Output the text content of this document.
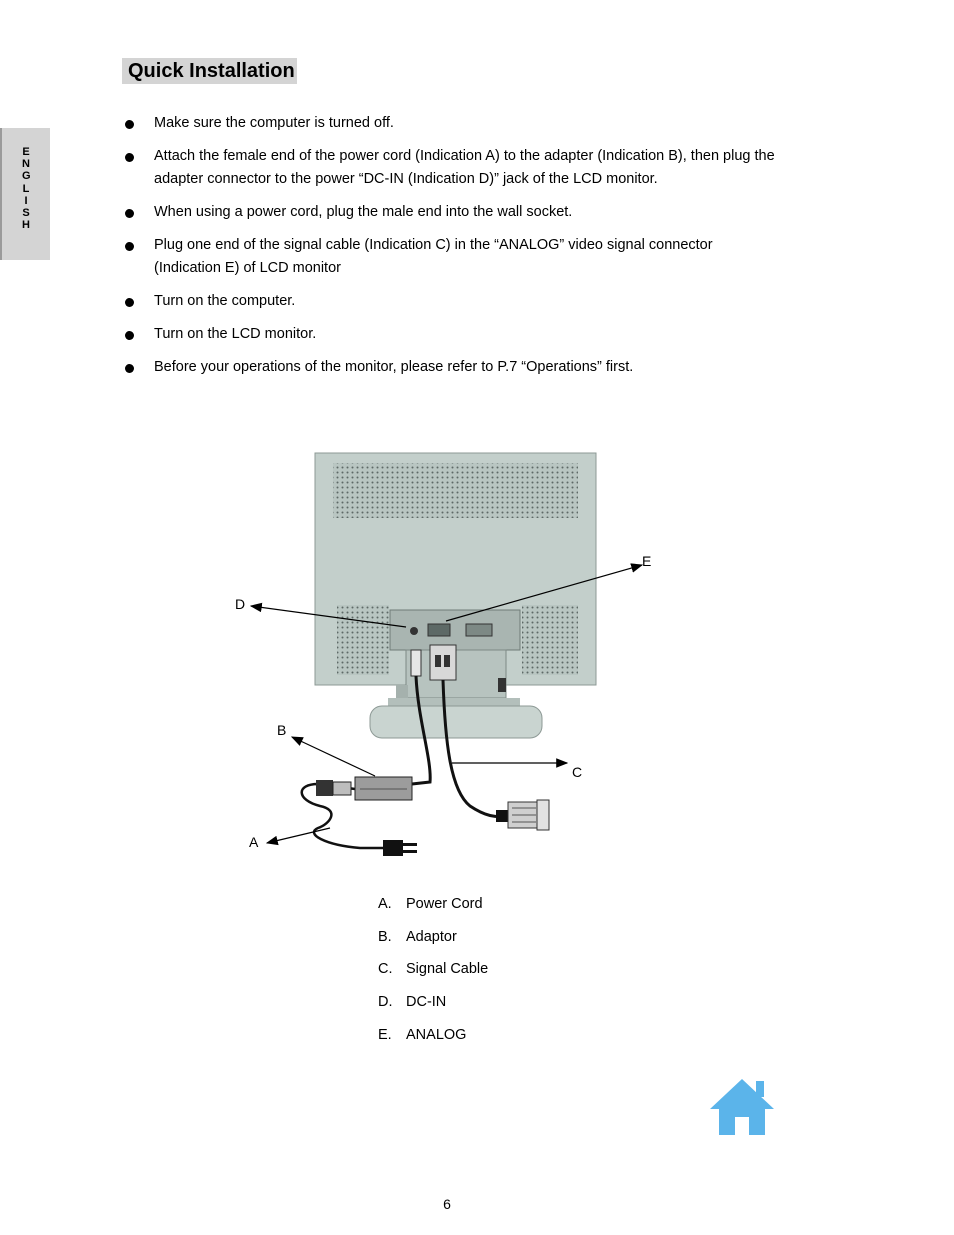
ENGLISH
Quick Installation
Make sure the computer is turned off.
Attach the female end of the power cord (Indication A) to the adapter (Indication B), then plug the adapter connector to the power “DC-IN (Indication D)” jack of the LCD monitor.
When using a power cord, plug the male end into the wall socket.
Plug one end of the signal cable (Indication C) in the “ANALOG” video signal connector (Indication E) of LCD monitor
Turn on the computer.
Turn on the LCD monitor.
Before your operations of the monitor, please refer to P.7 “Operations” first.
D
E
B
C
A
A. Power Cord
B. Adaptor
C. Signal Cable
D. DC-IN
E. ANALOG
6
